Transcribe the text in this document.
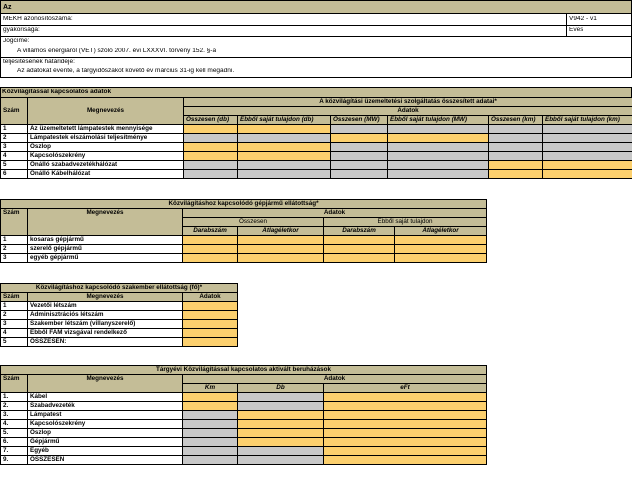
Az
MEKH azonosítószáma:	V942 - v1
gyakorisága:	Éves
Jogcíme:
A villamos energiáról (VET) szóló 2007. évi LXXXVI. törvény 152. §-a
teljesítésének határideje:
Az adatokat évente, a tárgyidőszakot követő év március 31-ig kell megadni.
Közvilágítással kapcsolatos adatok
		A közvilágítási üzemeltetési szolgáltatás összesített adatai*					
Szám	Megnevezés	Adatok					
		Összesen (db)	Ebből saját tulajdon (db)	Összesen (MW)	Ebből saját tulajdon (MW)	Összesen (km)	Ebből saját tulajdon (km)
1	Az üzemeltetett lámpatestek mennyisége						
2	Lámpatestek elszámolási teljesítménye						
3	Oszlop						
4	Kapcsolószekrény						
5	Önálló szabadvezetékhálózat						
6	Önálló Kábelhálózat						
Közvilágításhoz kapcsolódó gépjármű ellátottság*					
Szám	Megnevezés	Adatok			
		Összesen		Ebből saját tulajdon	
		Darabszám	Átlagéletkor	Darabszám	Átlagéletkor
1	kosaras gépjármű				
2	szerelő gépjármű				
3	egyéb gépjármű				
Közvilágításhoz kapcsolódó szakember ellátottság (fő)*		
Szám	Megnevezés	Adatok
1	Vezetői létszám	
2	Adminisztrációs létszám	
3	Szakember létszám (villanyszerelő)	
4	Ebből FAM vizsgával rendelkező	
5	ÖSSZESEN:	
Tárgyévi Közvilágítással kapcsolatos aktivált beruházások				
Szám	Megnevezés	Adatok		
		Km	Db	eFt
1.	Kábel			
2.	Szabadvezeték			
3.	Lámpatest			
4.	Kapcsolószekrény			
5.	Oszlop			
6.	Gépjármű			
7.	Egyéb			
9.	ÖSSZESEN			
